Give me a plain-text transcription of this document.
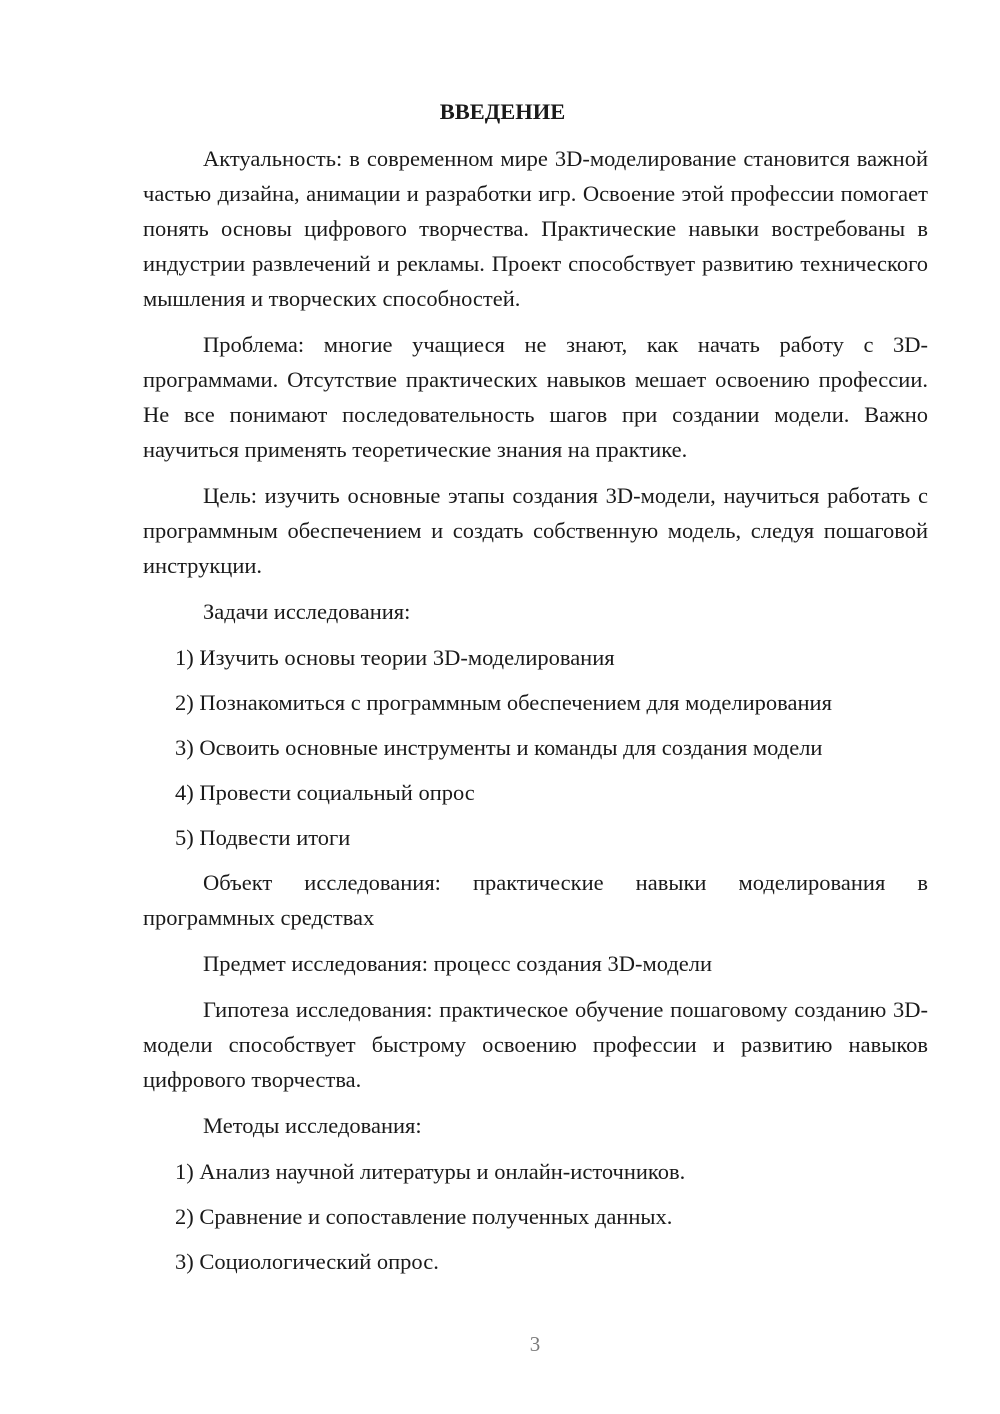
ВВЕДЕНИЕ

Актуальность: в современном мире 3D-моделирование становится важной частью дизайна, анимации и разработки игр. Освоение этой профессии помогает понять основы цифрового творчества. Практические навыки востребованы в индустрии развлечений и рекламы. Проект способствует развитию технического мышления и творческих способностей.

Проблема: многие учащиеся не знают, как начать работу с 3D-программами. Отсутствие практических навыков мешает освоению профессии. Не все понимают последовательность шагов при создании модели. Важно научиться применять теоретические знания на практике.

Цель: изучить основные этапы создания 3D-модели, научиться работать с программным обеспечением и создать собственную модель, следуя пошаговой инструкции.

Задачи исследования:

1) Изучить основы теории 3D-моделирования
2) Познакомиться с программным обеспечением для моделирования
3) Освоить основные инструменты и команды для создания модели
4) Провести социальный опрос
5) Подвести итоги

Объект исследования: практические навыки моделирования в программных средствах

Предмет исследования: процесс создания 3D-модели

Гипотеза исследования: практическое обучение пошаговому созданию 3D-модели способствует быстрому освоению профессии и развитию навыков цифрового творчества.

Методы исследования:

1) Анализ научной литературы и онлайн-источников.
2) Сравнение и сопоставление полученных данных.
3) Социологический опрос.
3
